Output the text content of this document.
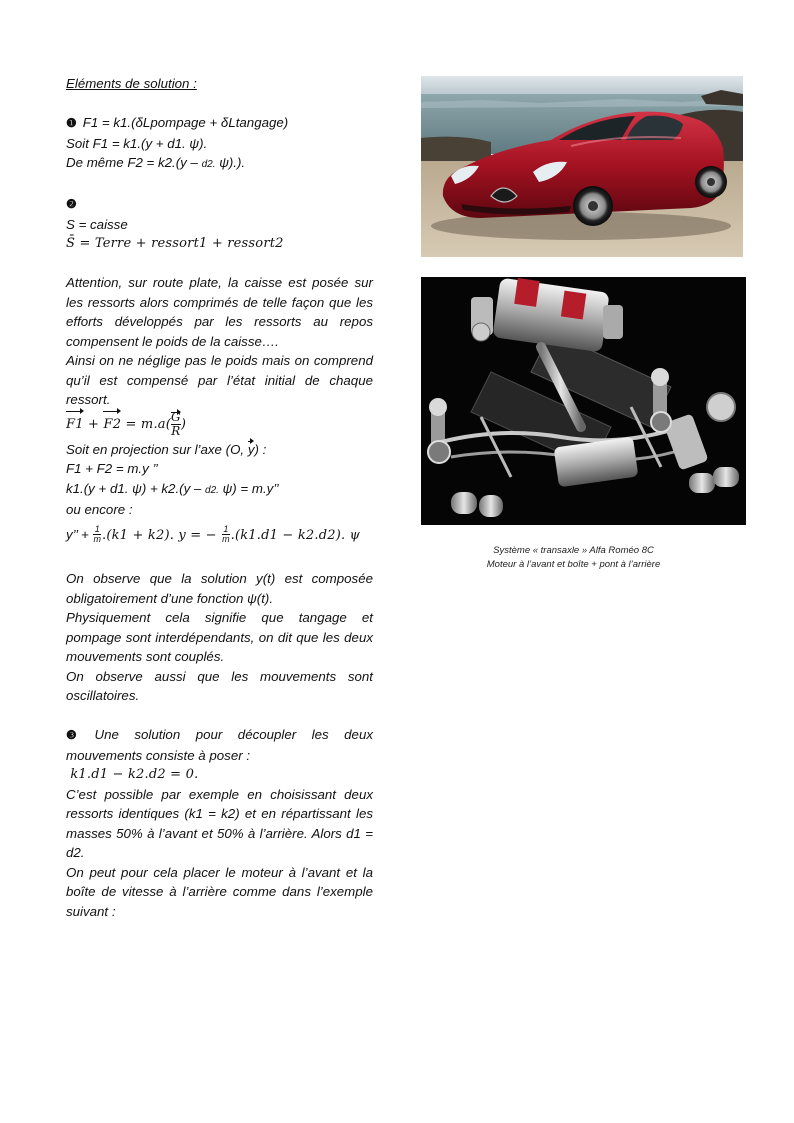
Eléments de solution :

❶ F1 = k1.(δLpompage + δLtangage)

Soit F1 = k1.(y + d1. ψ).

De même F2 = k2.(y – d2. ψ).).

❷

S = caisse

S̄ = Terre + ressort1 + ressort2

Attention, sur route plate, la caisse est posée sur les ressorts alors comprimés de telle façon que les efforts développés par les ressorts au repos compensent le poids de la caisse….

Ainsi on ne néglige pas le poids mais on comprend qu’il est compensé par l’état initial de chaque ressort.

$F1 + F2 = m.a( \frac{G}{R}$ )

Soit en projection sur l’axe (O, y) :

F1 + F2 = m.y ’’

k1.(y + d1. ψ) + k2.(y – d2. ψ) = m.y’’

ou encore :

y’’ + $\frac{1}{m} .(k1 + k2)$. y = − $\frac{1}{m} .(k1.d1 - k2.d2)$. ψ

On observe que la solution y(t) est composée obligatoirement d’une fonction ψ(t).

Physiquement cela signifie que tangage et pompage sont interdépendants, on dit que les deux mouvements sont couplés.

On observe aussi que les mouvements sont oscillatoires.

❸ Une solution pour découpler les deux mouvements consiste à poser :

k1.d1 − k2.d2 = 0.

C’est possible par exemple en choisissant deux ressorts identiques (k1 = k2) et en répartissant les masses 50% à l’avant et 50% à l’arrière. Alors d1 = d2.

On peut pour cela placer le moteur à l’avant et la boîte de vitesse à l’arrière comme dans l’exemple suivant :

Système « transaxle » Alfa Roméo 8C
Moteur à l’avant et boîte + pont à l’arrière
